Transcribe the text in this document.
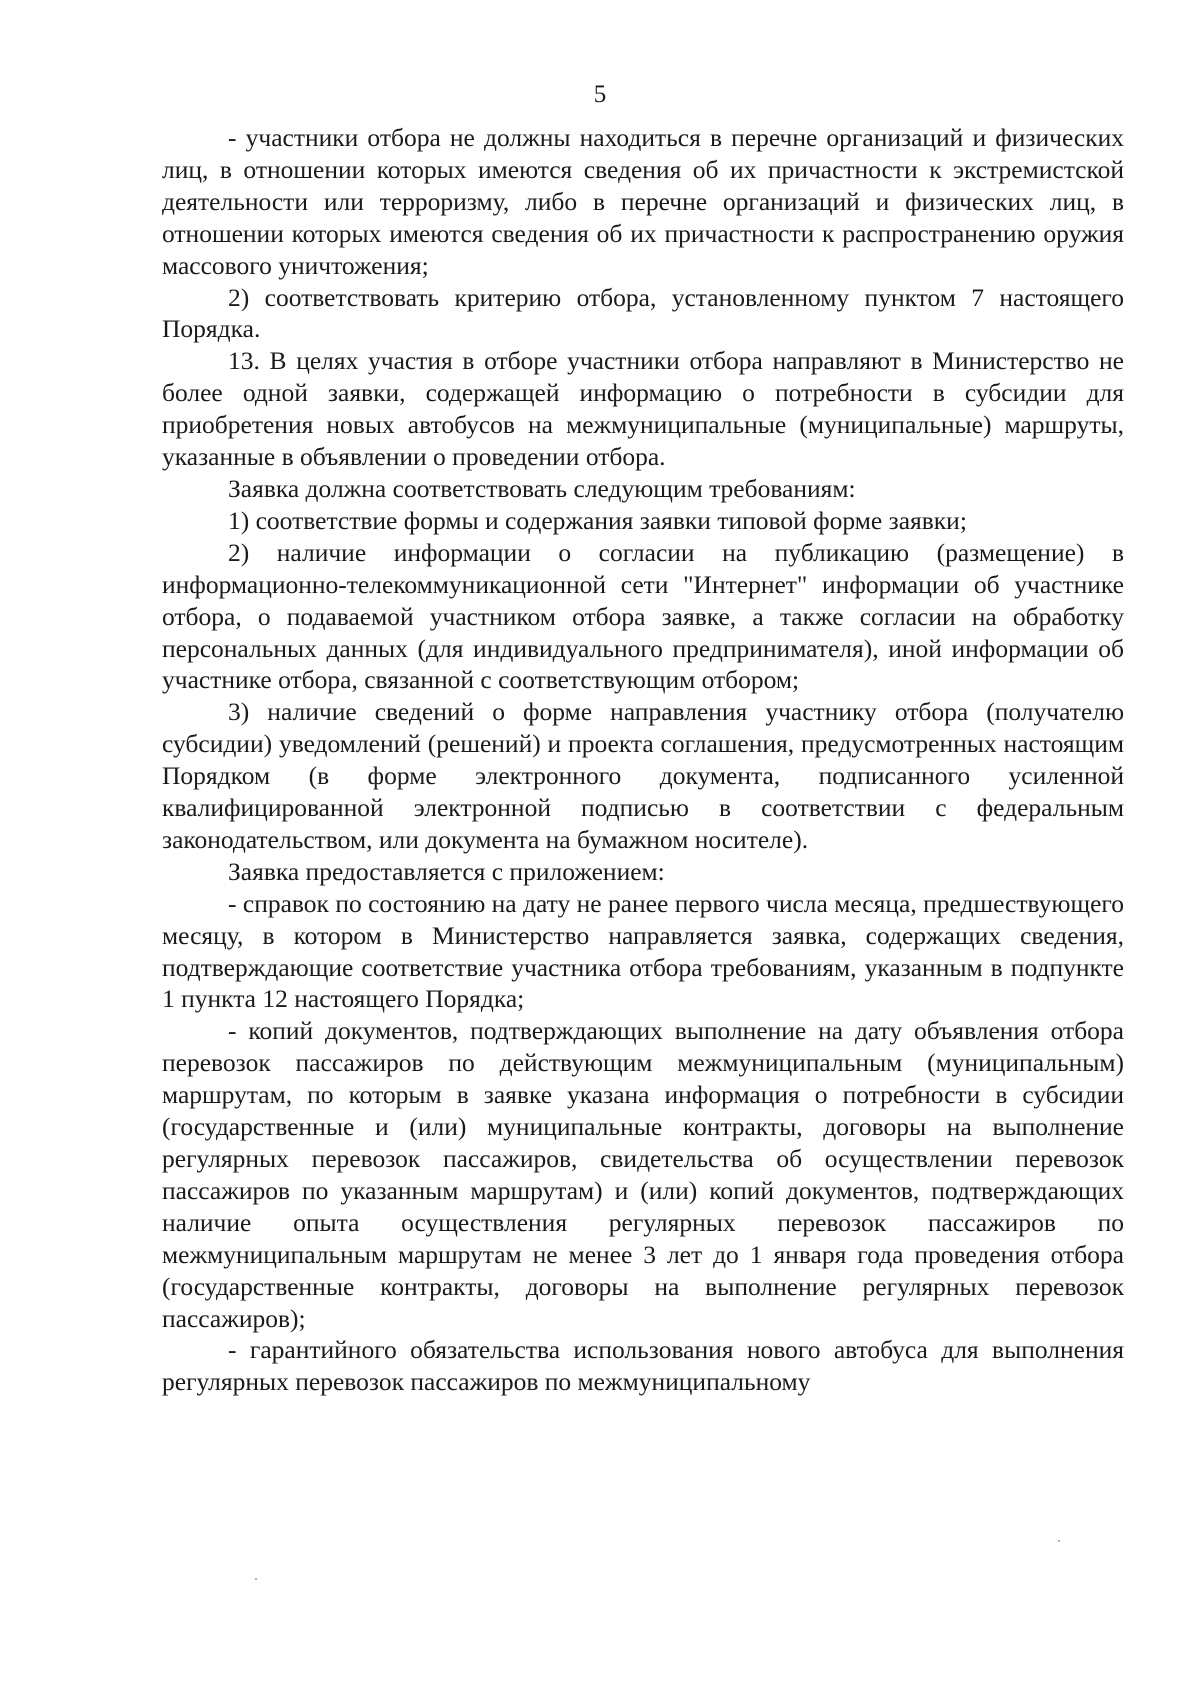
5

- участники отбора не должны находиться в перечне организаций и физических лиц, в отношении которых имеются сведения об их причастности к экстремистской деятельности или терроризму, либо в перечне организаций и физических лиц, в отношении которых имеются сведения об их причастности к распространению оружия массового уничтожения;

2) соответствовать критерию отбора, установленному пунктом 7 настоящего Порядка.

13. В целях участия в отборе участники отбора направляют в Министерство не более одной заявки, содержащей информацию о потребности в субсидии для приобретения новых автобусов на межмуниципальные (муниципальные) маршруты, указанные в объявлении о проведении отбора.

Заявка должна соответствовать следующим требованиям:

1) соответствие формы и содержания заявки типовой форме заявки;

2) наличие информации о согласии на публикацию (размещение) в информационно-телекоммуникационной сети "Интернет" информации об участнике отбора, о подаваемой участником отбора заявке, а также согласии на обработку персональных данных (для индивидуального предпринимателя), иной информации об участнике отбора, связанной с соответствующим отбором;

3) наличие сведений о форме направления участнику отбора (получателю субсидии) уведомлений (решений) и проекта соглашения, предусмотренных настоящим Порядком (в форме электронного документа, подписанного усиленной квалифицированной электронной подписью в соответствии с федеральным законодательством, или документа на бумажном носителе).

Заявка предоставляется с приложением:

- справок по состоянию на дату не ранее первого числа месяца, предшествующего месяцу, в котором в Министерство направляется заявка, содержащих сведения, подтверждающие соответствие участника отбора требованиям, указанным в подпункте 1 пункта 12 настоящего Порядка;

- копий документов, подтверждающих выполнение на дату объявления отбора перевозок пассажиров по действующим межмуниципальным (муниципальным) маршрутам, по которым в заявке указана информация о потребности в субсидии (государственные и (или) муниципальные контракты, договоры на выполнение регулярных перевозок пассажиров, свидетельства об осуществлении перевозок пассажиров по указанным маршрутам) и (или) копий документов, подтверждающих наличие опыта осуществления регулярных перевозок пассажиров по межмуниципальным маршрутам не менее 3 лет до 1 января года проведения отбора (государственные контракты, договоры на выполнение регулярных перевозок пассажиров);

- гарантийного обязательства использования нового автобуса для выполнения регулярных перевозок пассажиров по межмуниципальному
